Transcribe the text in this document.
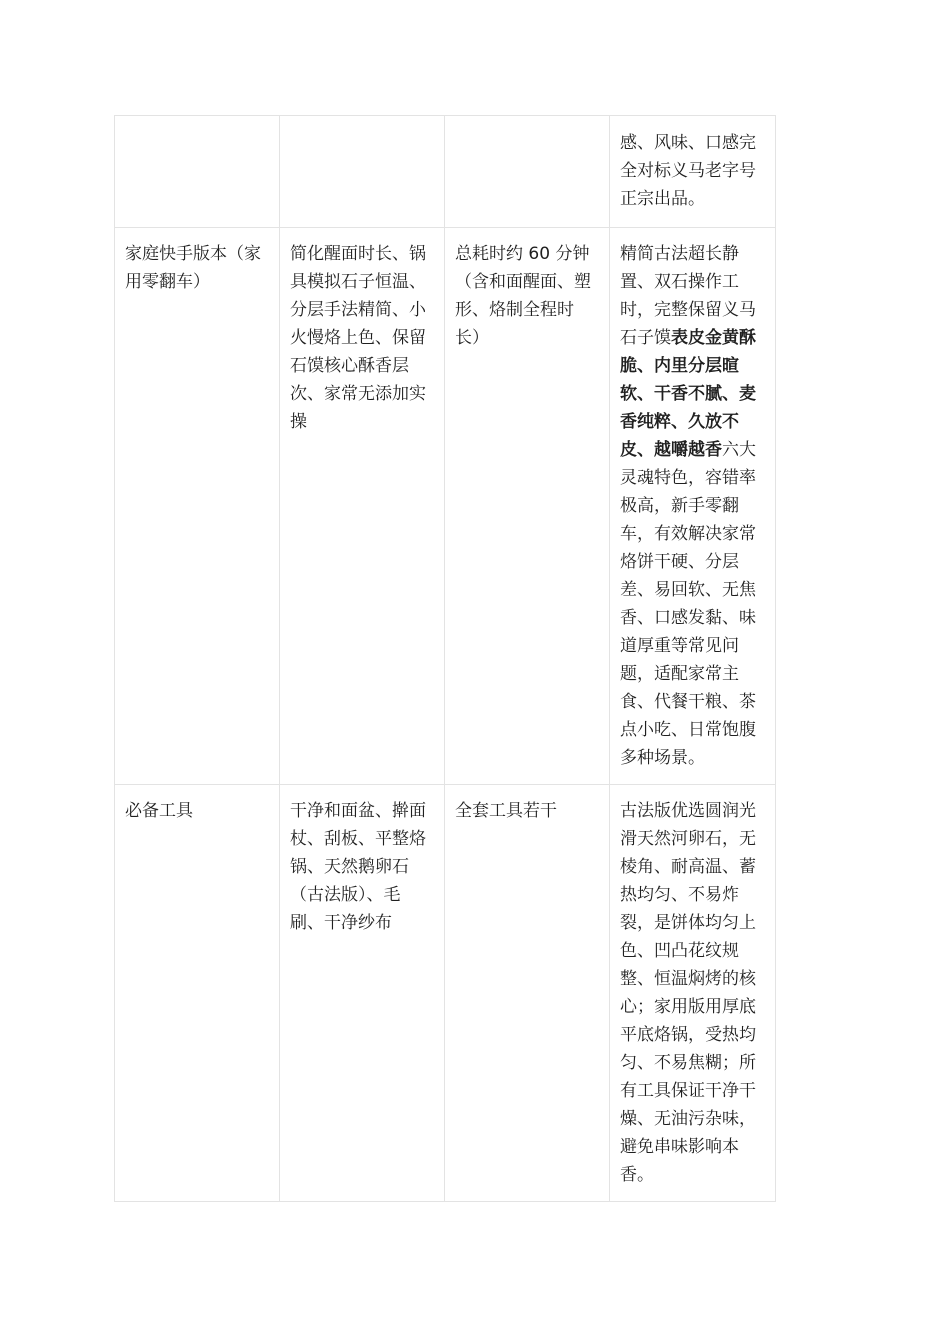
			感、风味、口感完全对标义马老字号正宗出品。
家庭快手版本（家用零翻车）	简化醒面时长、锅具模拟石子恒温、分层手法精简、小火慢烙上色、保留石馍核心酥香层次、家常无添加实操	总耗时约 60 分钟（含和面醒面、塑形、烙制全程时长）	精简古法超长静置、双石操作工时，完整保留义马石子馍表皮金黄酥脆、内里分层暄软、干香不腻、麦香纯粹、久放不皮、越嚼越香六大灵魂特色，容错率极高，新手零翻车，有效解决家常烙饼干硬、分层差、易回软、无焦香、口感发黏、味道厚重等常见问题，适配家常主食、代餐干粮、茶点小吃、日常饱腹多种场景。
必备工具	干净和面盆、擀面杖、刮板、平整烙锅、天然鹅卵石（古法版）、毛刷、干净纱布	全套工具若干	古法版优选圆润光滑天然河卵石，无棱角、耐高温、蓄热均匀、不易炸裂，是饼体均匀上色、凹凸花纹规整、恒温焖烤的核心；家用版用厚底平底烙锅，受热均匀、不易焦糊；所有工具保证干净干燥、无油污杂味，避免串味影响本香。
